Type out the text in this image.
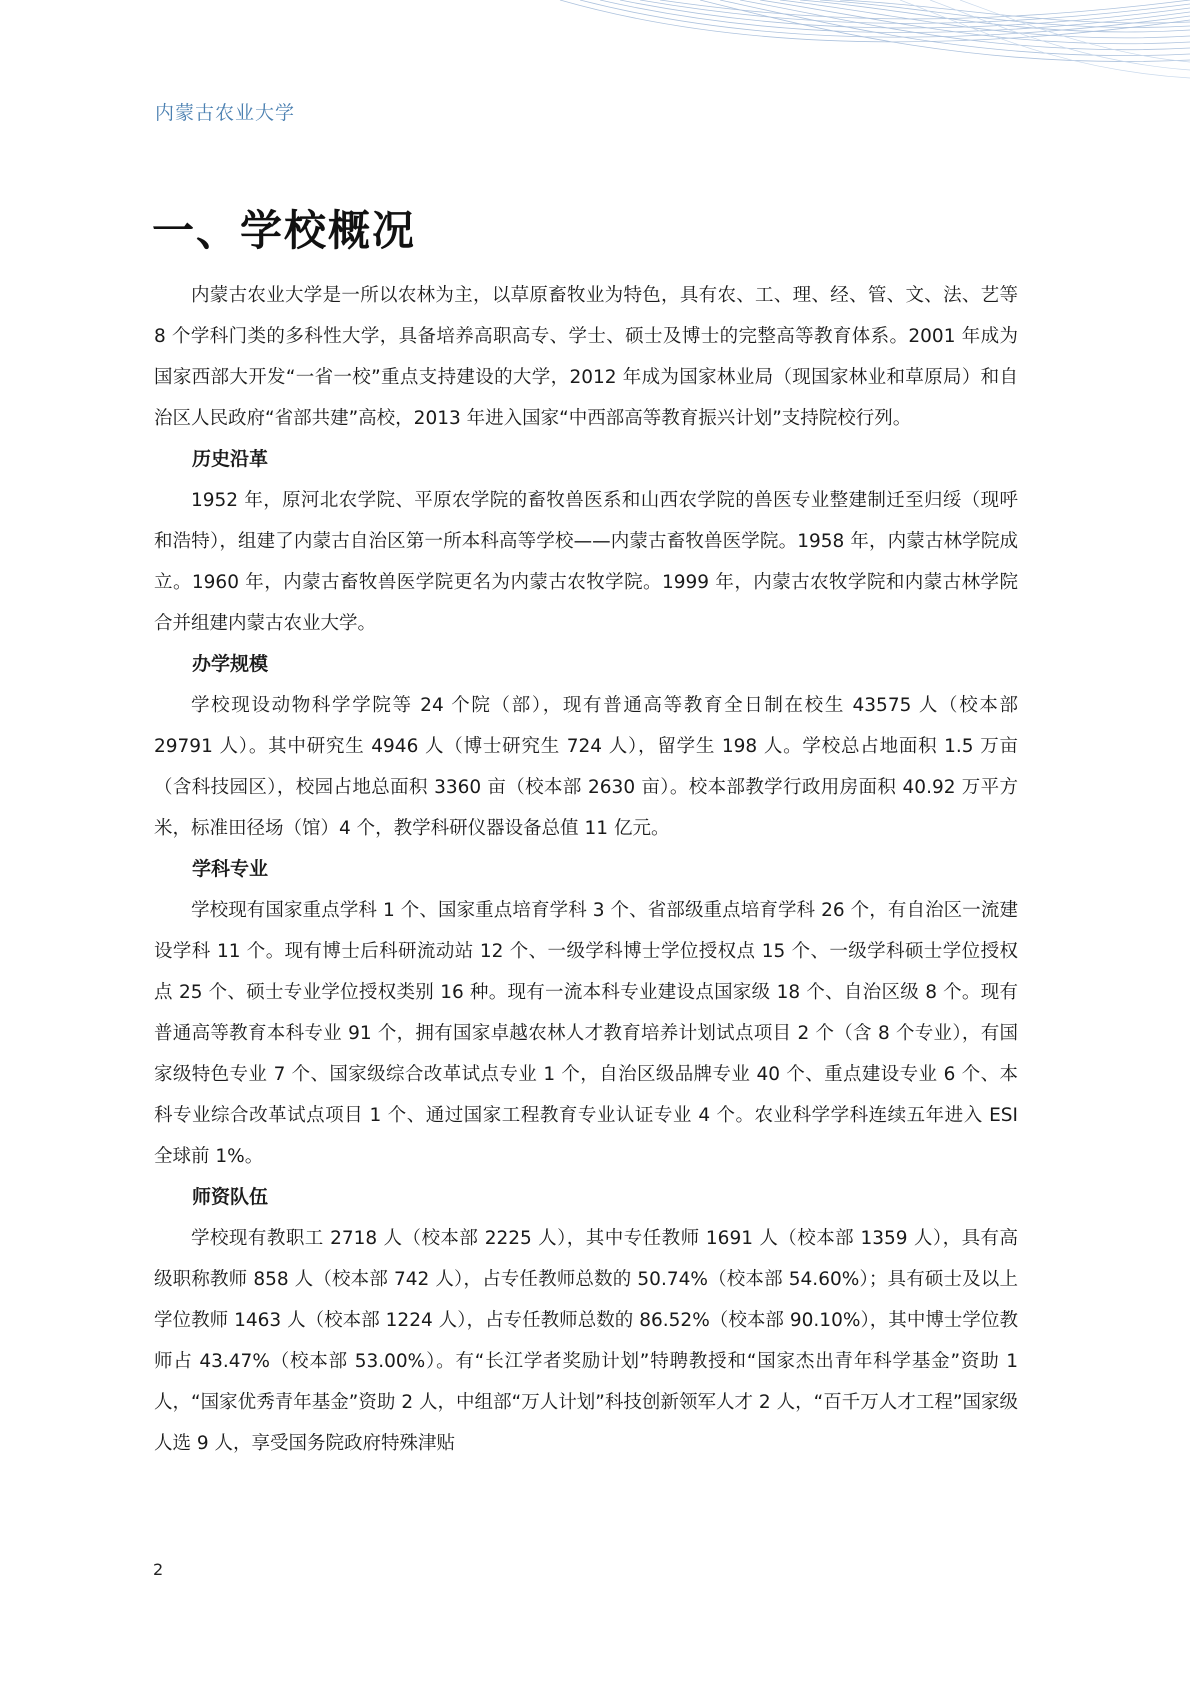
内蒙古农业大学
一、学校概况

内蒙古农业大学是一所以农林为主，以草原畜牧业为特色，具有农、工、理、经、管、文、法、艺等 8 个学科门类的多科性大学，具备培养高职高专、学士、硕士及博士的完整高等教育体系。2001 年成为国家西部大开发“一省一校”重点支持建设的大学，2012 年成为国家林业局（现国家林业和草原局）和自治区人民政府“省部共建”高校，2013 年进入国家“中西部高等教育振兴计划”支持院校行列。

历史沿革

1952 年，原河北农学院、平原农学院的畜牧兽医系和山西农学院的兽医专业整建制迁至归绥（现呼和浩特），组建了内蒙古自治区第一所本科高等学校——内蒙古畜牧兽医学院。1958 年，内蒙古林学院成立。1960 年，内蒙古畜牧兽医学院更名为内蒙古农牧学院。1999 年，内蒙古农牧学院和内蒙古林学院合并组建内蒙古农业大学。

办学规模

学校现设动物科学学院等 24 个院（部），现有普通高等教育全日制在校生 43575 人（校本部 29791 人）。其中研究生 4946 人（博士研究生 724 人），留学生 198 人。学校总占地面积 1.5 万亩（含科技园区），校园占地总面积 3360 亩（校本部 2630 亩）。校本部教学行政用房面积 40.92 万平方米，标准田径场（馆）4 个，教学科研仪器设备总值 11 亿元。

学科专业

学校现有国家重点学科 1 个、国家重点培育学科 3 个、省部级重点培育学科 26 个，有自治区一流建设学科 11 个。现有博士后科研流动站 12 个、一级学科博士学位授权点 15 个、一级学科硕士学位授权点 25 个、硕士专业学位授权类别 16 种。现有一流本科专业建设点国家级 18 个、自治区级 8 个。现有普通高等教育本科专业 91 个，拥有国家卓越农林人才教育培养计划试点项目 2 个（含 8 个专业），有国家级特色专业 7 个、国家级综合改革试点专业 1 个，自治区级品牌专业 40 个、重点建设专业 6 个、本科专业综合改革试点项目 1 个、通过国家工程教育专业认证专业 4 个。农业科学学科连续五年进入 ESI 全球前 1%。

师资队伍

学校现有教职工 2718 人（校本部 2225 人），其中专任教师 1691 人（校本部 1359 人），具有高级职称教师 858 人（校本部 742 人），占专任教师总数的 50.74%（校本部 54.60%）；具有硕士及以上学位教师 1463 人（校本部 1224 人），占专任教师总数的 86.52%（校本部 90.10%），其中博士学位教师占 43.47%（校本部 53.00%）。有“长江学者奖励计划”特聘教授和“国家杰出青年科学基金”资助 1 人，“国家优秀青年基金”资助 2 人，中组部“万人计划”科技创新领军人才 2 人，“百千万人才工程”国家级人选 9 人，享受国务院政府特殊津贴

2
